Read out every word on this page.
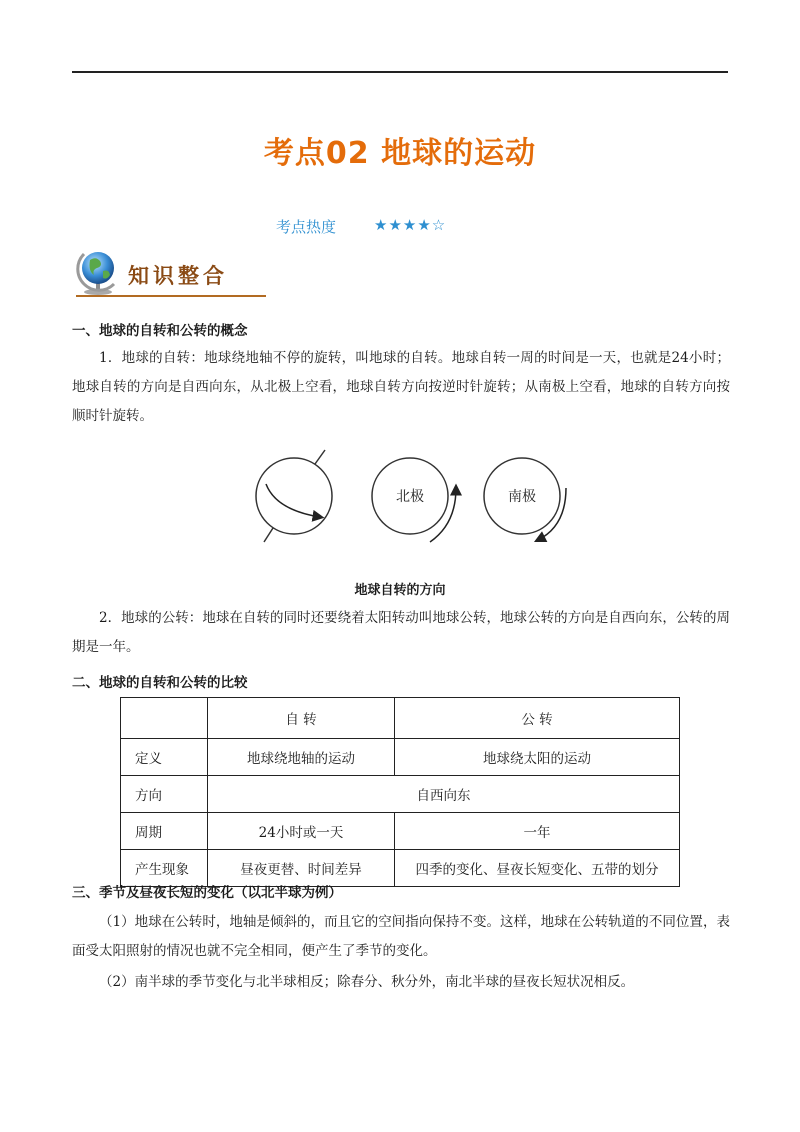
考点02 地球的运动
考点热度	★★★★☆
知识整合
一、地球的自转和公转的概念
1．地球的自转：地球绕地轴不停的旋转，叫地球的自转。地球自转一周的时间是一天，也就是24小时；地球自转的方向是自西向东，从北极上空看，地球自转方向按逆时针旋转；从南极上空看，地球的自转方向按顺时针旋转。
北极	南极
地球自转的方向
2．地球的公转：地球在自转的同时还要绕着太阳转动叫地球公转，地球公转的方向是自西向东，公转的周期是一年。
二、地球的自转和公转的比较
	自 转	公 转
定义	地球绕地轴的运动	地球绕太阳的运动
方向	自西向东	
周期	24小时或一天	一年
产生现象	昼夜更替、时间差异	四季的变化、昼夜长短变化、五带的划分
三、季节及昼夜长短的变化（以北半球为例）
（1）地球在公转时，地轴是倾斜的，而且它的空间指向保持不变。这样，地球在公转轨道的不同位置，表面受太阳照射的情况也就不完全相同，便产生了季节的变化。
（2）南半球的季节变化与北半球相反；除春分、秋分外，南北半球的昼夜长短状况相反。
